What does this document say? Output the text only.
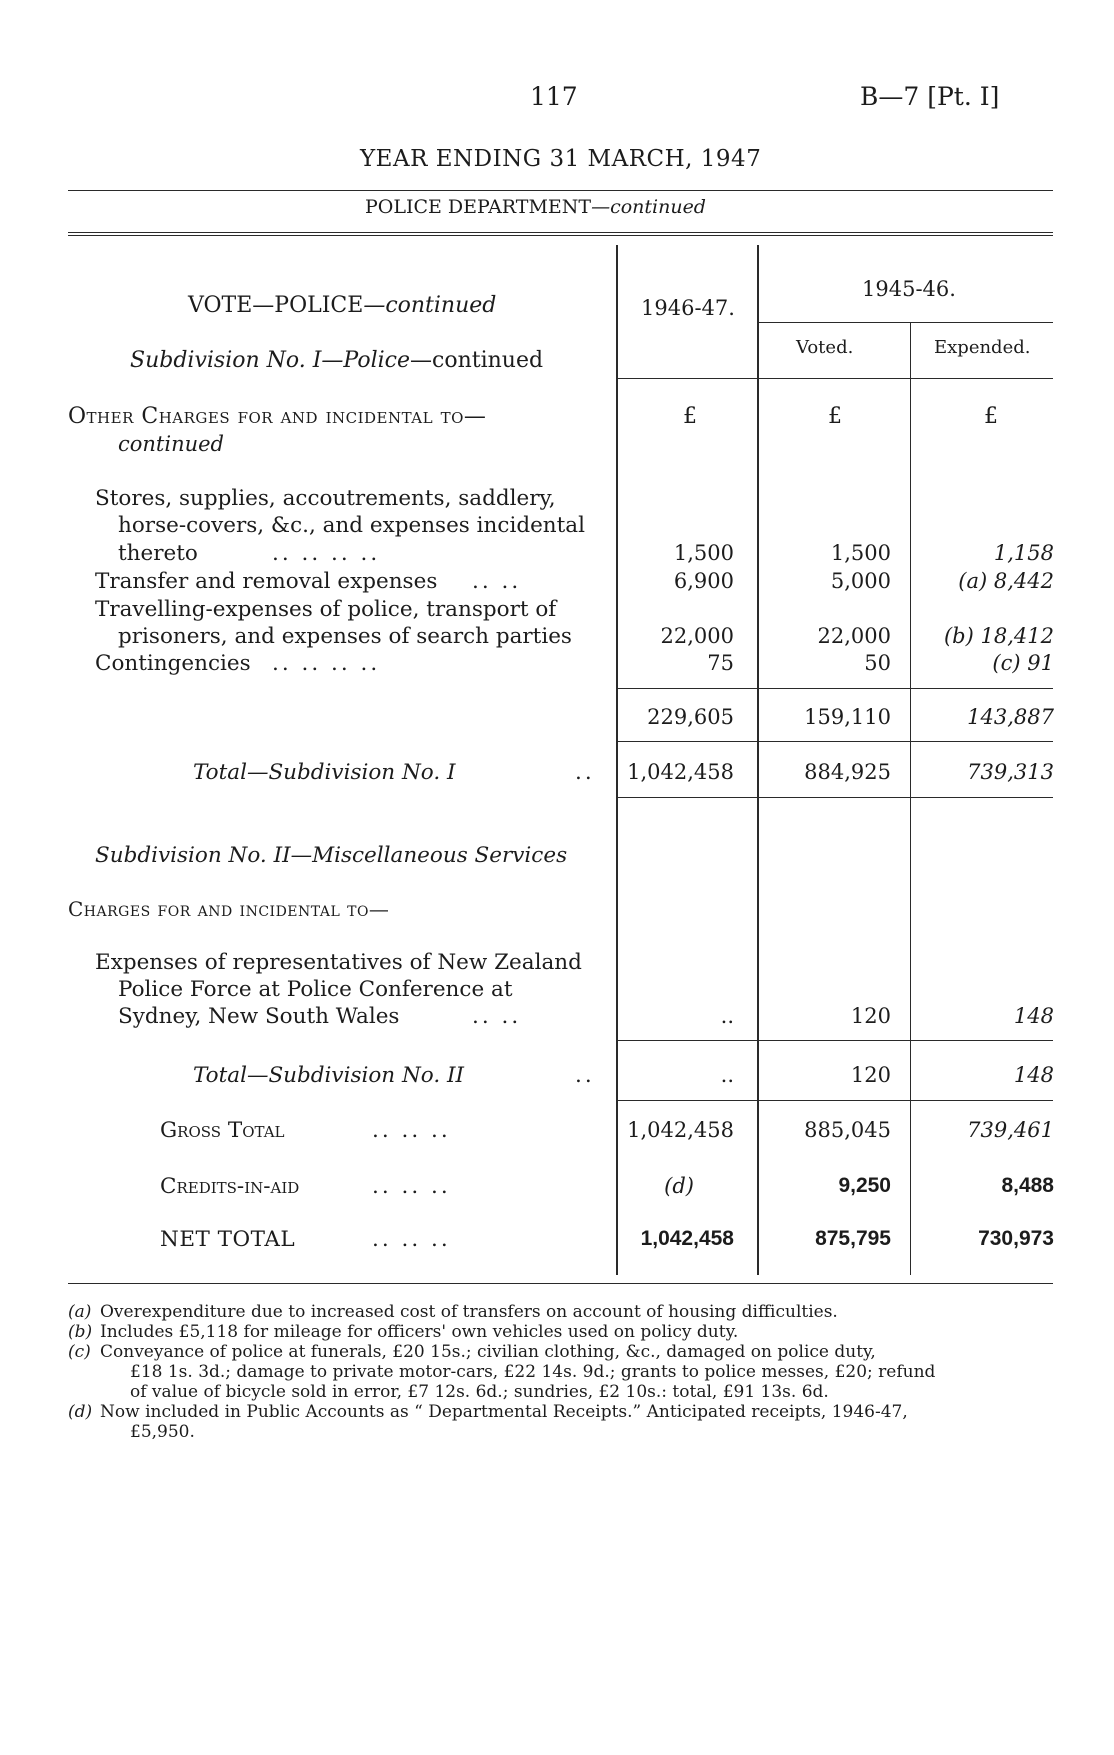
117	B—7 [Pt. I]
YEAR ENDING 31 MARCH, 1947
POLICE DEPARTMENT—continued
VOTE—POLICE—continued
Subdivision No. I—Police—continued
1946-47.
1945-46.
Voted.	Expended.
Other Charges for and incidental to—
continued
£	£	£
Stores, supplies, accoutrements, saddlery,
horse-covers, &c., and expenses incidental
thereto	.. .. .. ..	1,500	1,500	1,158
Transfer and removal expenses .. ..	6,900	5,000	(a) 8,442
Travelling-expenses of police, transport of
prisoners, and expenses of search parties	22,000	22,000	(b) 18,412
Contingencies .. .. .. ..	75	50	(c) 91
229,605	159,110	143,887
Total—Subdivision No. I	.. 1,042,458	884,925	739,313
Subdivision No. II—Miscellaneous Services
Charges for and incidental to—
Expenses of representatives of New Zealand
Police Force at Police Conference at
Sydney, New South Wales	.. ..	..	120	148
Total—Subdivision No. II	..	..	120	148
Gross Total	.. .. ..	1,042,458	885,045	739,461
Credits-in-aid	.. .. ..	(d)	9,250	8,488
NET TOTAL	.. .. ..	1,042,458	875,795	730,973
(a) Overexpenditure due to increased cost of transfers on account of housing difficulties.
(b) Includes £5,118 for mileage for officers' own vehicles used on policy duty.
(c) Conveyance of police at funerals, £20 15s.; civilian clothing, &c., damaged on police duty,
£18 1s. 3d.; damage to private motor-cars, £22 14s. 9d.; grants to police messes, £20; refund
of value of bicycle sold in error, £7 12s. 6d.; sundries, £2 10s.: total, £91 13s. 6d.
(d) Now included in Public Accounts as “ Departmental Receipts.” Anticipated receipts, 1946-47,
£5,950.
